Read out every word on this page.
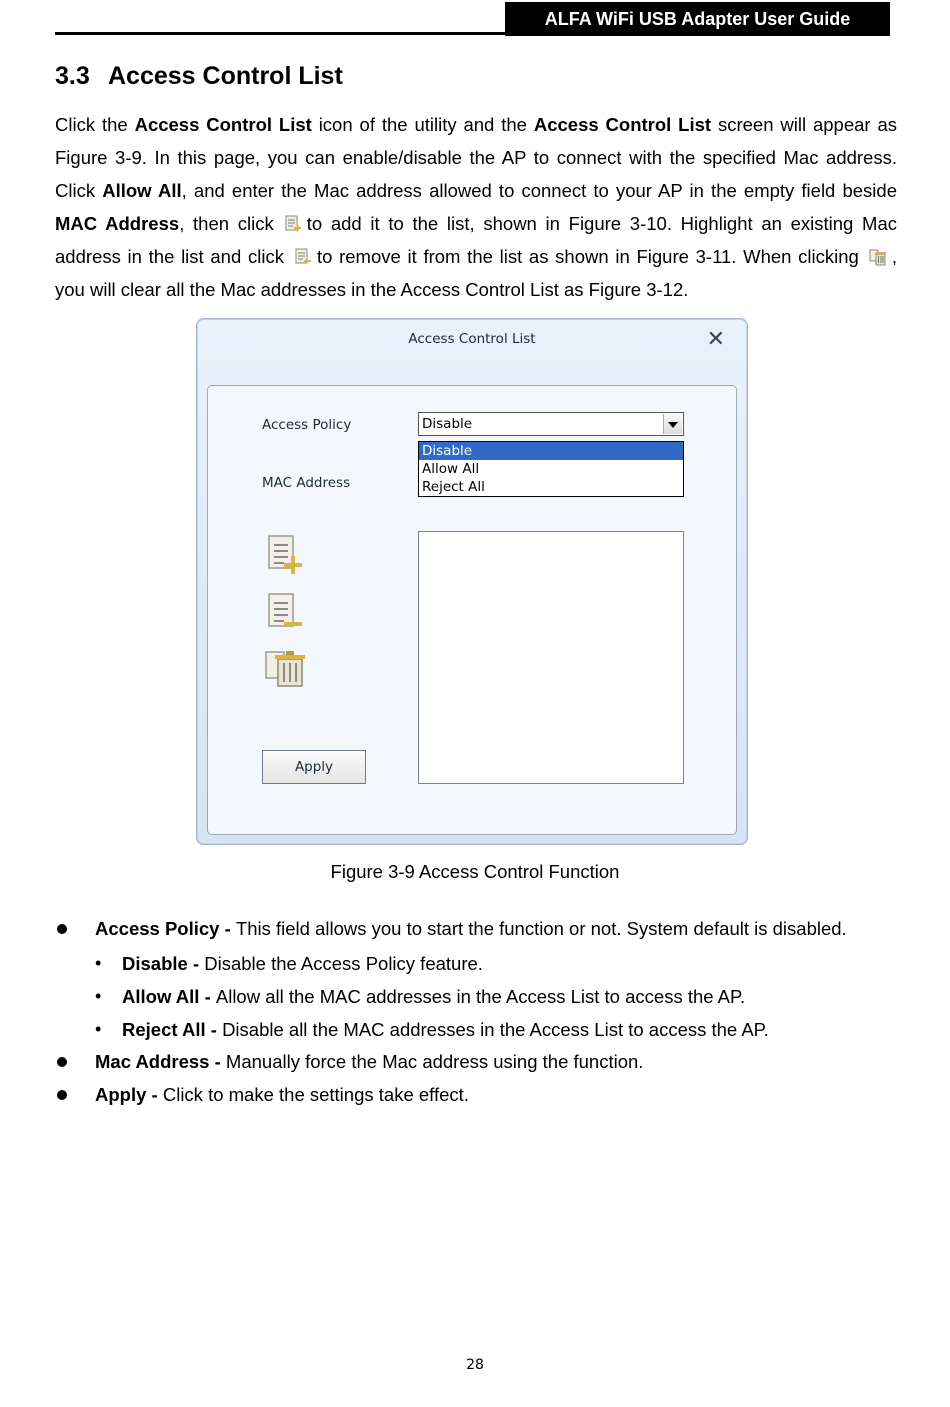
ALFA WiFi USB Adapter User Guide
3.3 Access Control List

Click the Access Control List icon of the utility and the Access Control List screen will appear as Figure 3-9. In this page, you can enable/disable the AP to connect with the specified Mac address. Click Allow All, and enter the Mac address allowed to connect to your AP in the empty field beside MAC Address, then click to add it to the list, shown in Figure 3-10. Highlight an existing Mac address in the list and click to remove it from the list as shown in Figure 3-11. When clicking , you will clear all the Mac addresses in the Access Control List as Figure 3-12.

Access Control List	✕
Access Policy
MAC Address
Disable
Disable
Allow All
Reject All
Apply
Figure 3-9 Access Control Function
Access Policy - This field allows you to start the function or not. System default is disabled.
• Disable - Disable the Access Policy feature.
• Allow All - Allow all the MAC addresses in the Access List to access the AP.
• Reject All - Disable all the MAC addresses in the Access List to access the AP.
Mac Address - Manually force the Mac address using the function.
Apply - Click to make the settings take effect.
28
